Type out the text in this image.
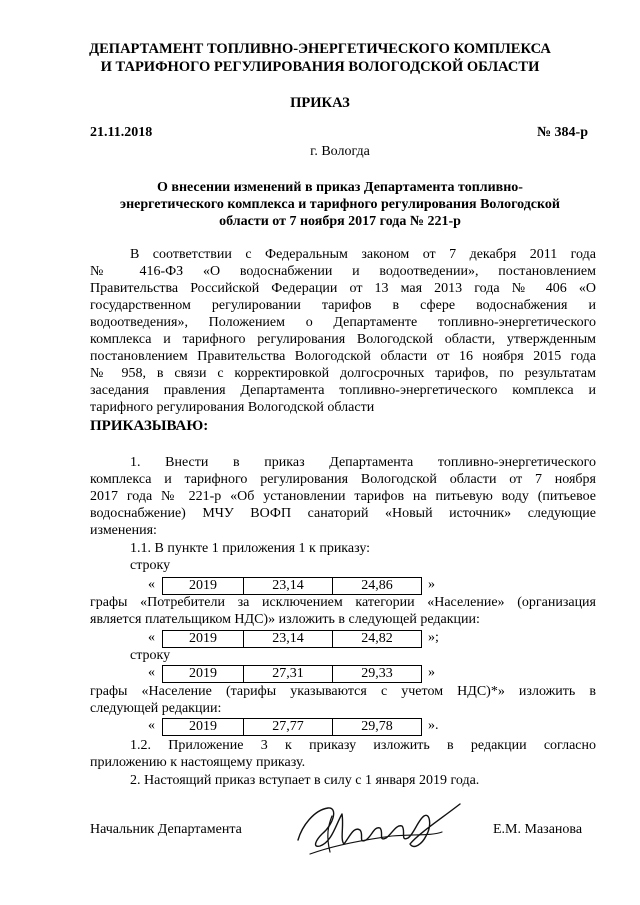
ДЕПАРТАМЕНТ ТОПЛИВНО-ЭНЕРГЕТИЧЕСКОГО КОМПЛЕКСА
И ТАРИФНОГО РЕГУЛИРОВАНИЯ ВОЛОГОДСКОЙ ОБЛАСТИ
ПРИКАЗ
21.11.2018	№ 384-р
г. Вологда
О внесении изменений в приказ Департамента топливно-
энергетического комплекса и тарифного регулирования Вологодской
области от 7 ноября 2017 года № 221-р
В соответствии с Федеральным законом от 7 декабря 2011 года
№ 416-ФЗ «О водоснабжении и водоотведении», постановлением
Правительства Российской Федерации от 13 мая 2013 года № 406 «О
государственном регулировании тарифов в сфере водоснабжения и
водоотведения», Положением о Департаменте топливно-энергетического
комплекса и тарифного регулирования Вологодской области, утвержденным
постановлением Правительства Вологодской области от 16 ноября 2015 года
№ 958, в связи с корректировкой долгосрочных тарифов, по результатам
заседания правления Департамента топливно-энергетического комплекса и
тарифного регулирования Вологодской области
ПРИКАЗЫВАЮ:
1. Внести в приказ Департамента топливно-энергетического
комплекса и тарифного регулирования Вологодской области от 7 ноября
2017 года № 221-р «Об установлении тарифов на питьевую воду (питьевое
водоснабжение) МЧУ ВОФП санаторий «Новый источник» следующие
изменения:
1.1. В пункте 1 приложения 1 к приказу:
строку
« 2019	23,14	24,86	»
графы «Потребители за исключением категории «Население» (организация
является плательщиком НДС)» изложить в следующей редакции:
« 2019	23,14	24,82	»;
строку
« 2019	27,31	29,33	»
графы «Население (тарифы указываются с учетом НДС)*» изложить в
следующей редакции:
« 2019	27,77	29,78	».
1.2. Приложение 3 к приказу изложить в редакции согласно
приложению к настоящему приказу.
2. Настоящий приказ вступает в силу с 1 января 2019 года.
Начальник Департамента	Е.М. Мазанова
